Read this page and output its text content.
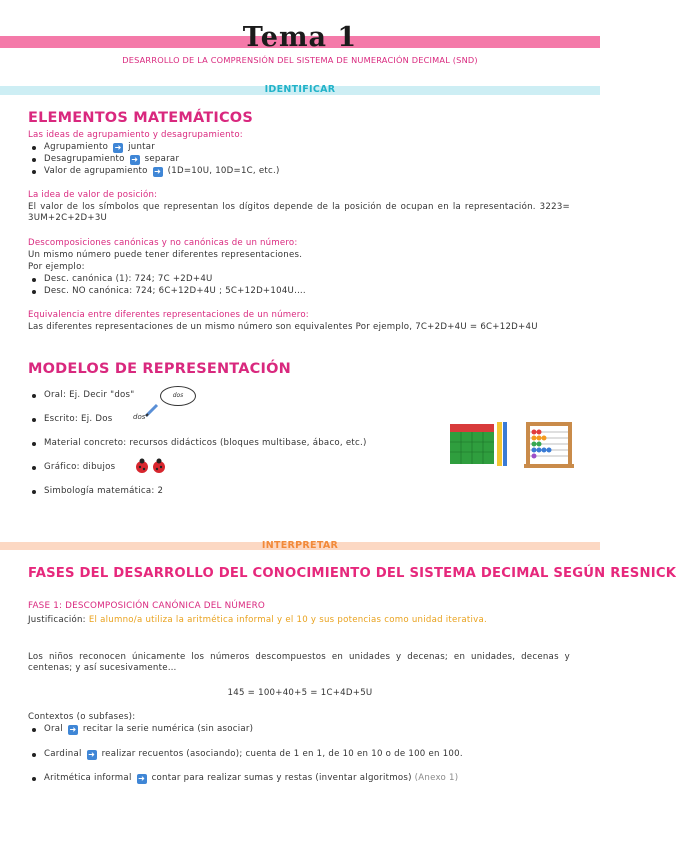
Tema 1
DESARROLLO DE LA COMPRENSIÓN DEL SISTEMA DE NUMERACIÓN DECIMAL (SND)
IDENTIFICAR
ELEMENTOS MATEMÁTICOS
Las ideas de agrupamiento y desagrupamiento:
Agrupamiento ➜ juntar
Desagrupamiento ➜ separar
Valor de agrupamiento ➜ (1D=10U, 10D=1C, etc.)
La idea de valor de posición:
El valor de los símbolos que representan los dígitos depende de la posición de ocupan en la representación. 3223= 3UM+2C+2D+3U
Descomposiciones canónicas y no canónicas de un número:
Un mismo número puede tener diferentes representaciones.
Por ejemplo:
Desc. canónica (1): 724; 7C +2D+4U
Desc. NO canónica: 724; 6C+12D+4U ; 5C+12D+104U….
Equivalencia entre diferentes representaciones de un número:
Las diferentes representaciones de un mismo número son equivalentes Por ejemplo, 7C+2D+4U = 6C+12D+4U
MODELOS DE REPRESENTACIÓN
Oral: Ej. Decir "dos"	dos
Escrito: Ej. Dos	dos
Material concreto: recursos didácticos (bloques multibase, ábaco, etc.)
Gráfico: dibujos
Simbología matemática: 2
INTERPRETAR
FASES DEL DESARROLLO DEL CONOCIMIENTO DEL SISTEMA DECIMAL SEGÚN RESNICK
FASE 1: DESCOMPOSICIÓN CANÓNICA DEL NÚMERO
Justificación: El alumno/a utiliza la aritmética informal y el 10 y sus potencias como unidad iterativa.
Los niños reconocen únicamente los números descompuestos en unidades y decenas; en unidades, decenas y centenas; y así sucesivamente…
145 = 100+40+5 = 1C+4D+5U
Contextos (o subfases):
Oral ➜ recitar la serie numérica (sin asociar)
Cardinal ➜ realizar recuentos (asociando); cuenta de 1 en 1, de 10 en 10 o de 100 en 100.
Aritmética informal ➜ contar para realizar sumas y restas (inventar algoritmos) (Anexo 1)
